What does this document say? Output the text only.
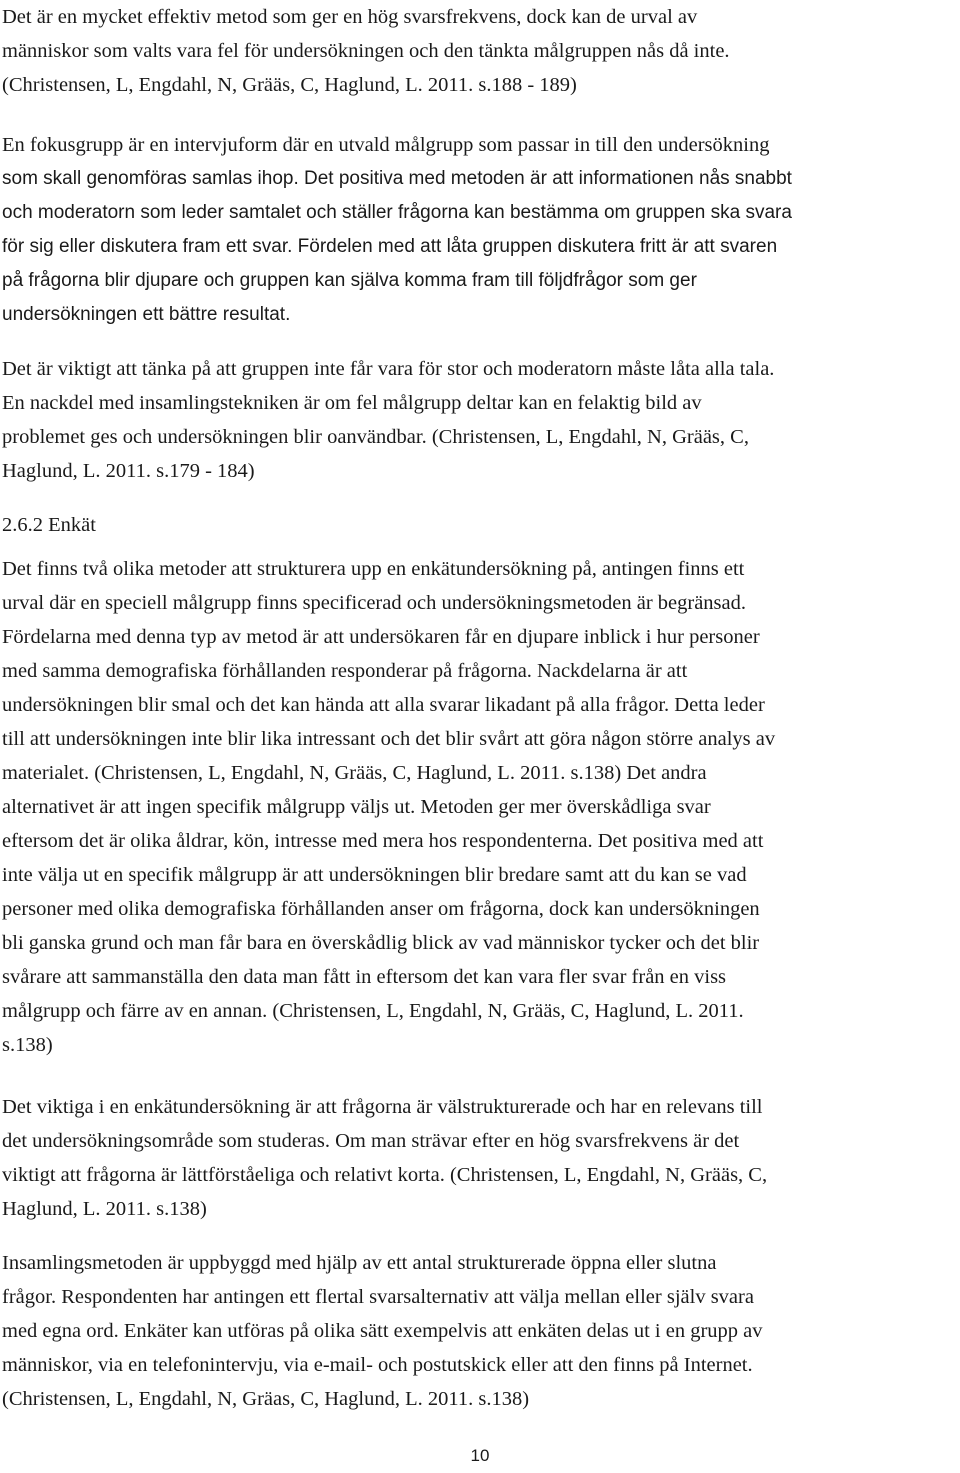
Det är en mycket effektiv metod som ger en hög svarsfrekvens, dock kan de urval av
människor som valts vara fel för undersökningen och den tänkta målgruppen nås då inte.
(Christensen, L, Engdahl, N, Grääs, C, Haglund, L. 2011. s.188 - 189)
En fokusgrupp är en intervjuform där en utvald målgrupp som passar in till den undersökning
som skall genomföras samlas ihop. Det positiva med metoden är att informationen nås snabbt
och moderatorn som leder samtalet och ställer frågorna kan bestämma om gruppen ska svara
för sig eller diskutera fram ett svar. Fördelen med att låta gruppen diskutera fritt är att svaren
på frågorna blir djupare och gruppen kan själva komma fram till följdfrågor som ger
undersökningen ett bättre resultat.
Det är viktigt att tänka på att gruppen inte får vara för stor och moderatorn måste låta alla tala.
En nackdel med insamlingstekniken är om fel målgrupp deltar kan en felaktig bild av
problemet ges och undersökningen blir oanvändbar. (Christensen, L, Engdahl, N, Grääs, C,
Haglund, L. 2011. s.179 - 184)
2.6.2 Enkät
Det finns två olika metoder att strukturera upp en enkätundersökning på, antingen finns ett
urval där en speciell målgrupp finns specificerad och undersökningsmetoden är begränsad.
Fördelarna med denna typ av metod är att undersökaren får en djupare inblick i hur personer
med samma demografiska förhållanden responderar på frågorna. Nackdelarna är att
undersökningen blir smal och det kan hända att alla svarar likadant på alla frågor. Detta leder
till att undersökningen inte blir lika intressant och det blir svårt att göra någon större analys av
materialet. (Christensen, L, Engdahl, N, Grääs, C, Haglund, L. 2011. s.138) Det andra
alternativet är att ingen specifik målgrupp väljs ut. Metoden ger mer överskådliga svar
eftersom det är olika åldrar, kön, intresse med mera hos respondenterna. Det positiva med att
inte välja ut en specifik målgrupp är att undersökningen blir bredare samt att du kan se vad
personer med olika demografiska förhållanden anser om frågorna, dock kan undersökningen
bli ganska grund och man får bara en överskådlig blick av vad människor tycker och det blir
svårare att sammanställa den data man fått in eftersom det kan vara fler svar från en viss
målgrupp och färre av en annan. (Christensen, L, Engdahl, N, Grääs, C, Haglund, L. 2011.
s.138)
Det viktiga i en enkätundersökning är att frågorna är välstrukturerade och har en relevans till
det undersökningsområde som studeras. Om man strävar efter en hög svarsfrekvens är det
viktigt att frågorna är lättförståeliga och relativt korta. (Christensen, L, Engdahl, N, Grääs, C,
Haglund, L. 2011. s.138)
Insamlingsmetoden är uppbyggd med hjälp av ett antal strukturerade öppna eller slutna
frågor. Respondenten har antingen ett flertal svarsalternativ att välja mellan eller själv svara
med egna ord. Enkäter kan utföras på olika sätt exempelvis att enkäten delas ut i en grupp av
människor, via en telefonintervju, via e-mail- och postutskick eller att den finns på Internet.
(Christensen, L, Engdahl, N, Gräas, C, Haglund, L. 2011. s.138)
10
